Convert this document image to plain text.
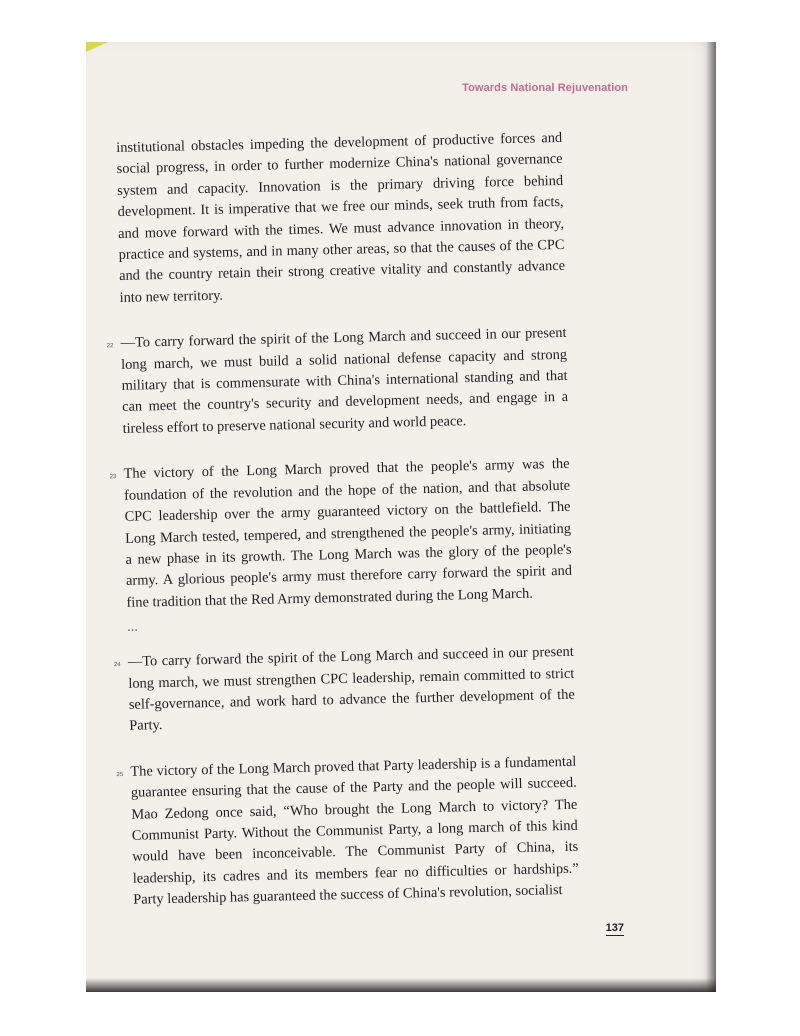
Towards National Rejuvenation

institutional obstacles impeding the development of productive forces and social progress, in order to further modernize China's national governance system and capacity. Innovation is the primary driving force behind development. It is imperative that we free our minds, seek truth from facts, and move forward with the times. We must advance innovation in theory, practice and systems, and in many other areas, so that the causes of the CPC and the country retain their strong creative vitality and constantly advance into new territory.

22 —To carry forward the spirit of the Long March and succeed in our present long march, we must build a solid national defense capacity and strong military that is commensurate with China's international standing and that can meet the country's security and development needs, and engage in a tireless effort to preserve national security and world peace.

23 The victory of the Long March proved that the people's army was the foundation of the revolution and the hope of the nation, and that absolute CPC leadership over the army guaranteed victory on the battlefield. The Long March tested, tempered, and strengthened the people's army, initiating a new phase in its growth. The Long March was the glory of the people's army. A glorious people's army must therefore carry forward the spirit and fine tradition that the Red Army demonstrated during the Long March.

...

24 —To carry forward the spirit of the Long March and succeed in our present long march, we must strengthen CPC leadership, remain committed to strict self-governance, and work hard to advance the further development of the Party.

25 The victory of the Long March proved that Party leadership is a fundamental guarantee ensuring that the cause of the Party and the people will succeed. Mao Zedong once said, “Who brought the Long March to victory? The Communist Party. Without the Communist Party, a long march of this kind would have been inconceivable. The Communist Party of China, its leadership, its cadres and its members fear no difficulties or hardships.” Party leadership has guaranteed the success of China's revolution, socialist

137
